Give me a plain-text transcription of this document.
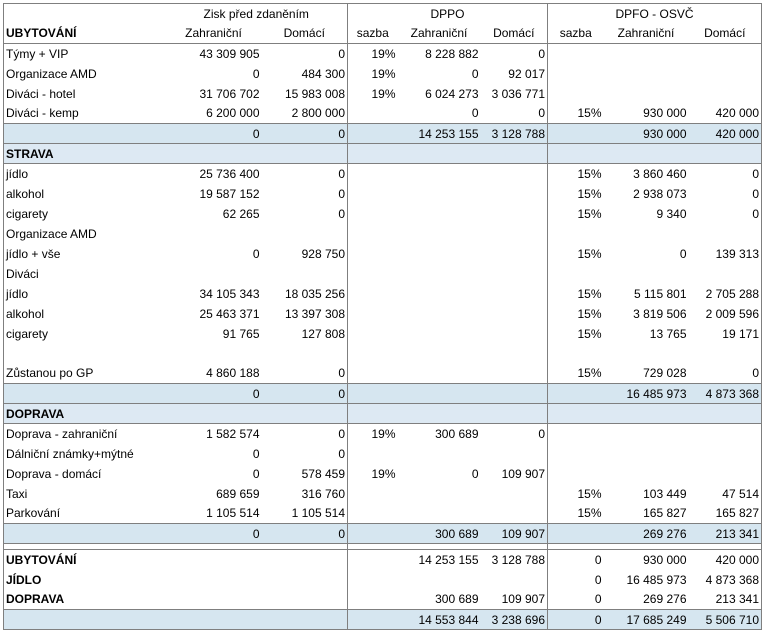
	Zisk před zdaněním		DPPO			DPFO - OSVČ		
UBYTOVÁNÍ	Zahraniční	Domácí	sazba	Zahraniční	Domácí	sazba	Zahraniční	Domácí
Týmy + VIP	43 309 905	0	19%	8 228 882	0			
Organizace AMD	0	484 300	19%	0	92 017			
Diváci - hotel	31 706 702	15 983 008	19%	6 024 273	3 036 771			
Diváci - kemp	6 200 000	2 800 000		0	0	15%	930 000	420 000
	0	0		14 253 155	3 128 788		930 000	420 000
STRAVA								
jídlo	25 736 400	0				15%	3 860 460	0
alkohol	19 587 152	0				15%	2 938 073	0
cigarety	62 265	0				15%	9 340	0
Organizace AMD								
jídlo + vše	0	928 750				15%	0	139 313
Diváci								
jídlo	34 105 343	18 035 256				15%	5 115 801	2 705 288
alkohol	25 463 371	13 397 308				15%	3 819 506	2 009 596
cigarety	91 765	127 808				15%	13 765	19 171

Zůstanou po GP	4 860 188	0				15%	729 028	0
	0	0					16 485 973	4 873 368
DOPRAVA								
Doprava - zahraniční	1 582 574	0	19%	300 689	0			
Dálniční známky+mýtné	0	0						
Doprava - domácí	0	578 459	19%	0	109 907			
Taxi	689 659	316 760				15%	103 449	47 514
Parkování	1 105 514	1 105 514				15%	165 827	165 827
	0	0		300 689	109 907		269 276	213 341

UBYTOVÁNÍ				14 253 155	3 128 788	0	930 000	420 000
JÍDLO						0	16 485 973	4 873 368
DOPRAVA				300 689	109 907	0	269 276	213 341
				14 553 844	3 238 696	0	17 685 249	5 506 710
